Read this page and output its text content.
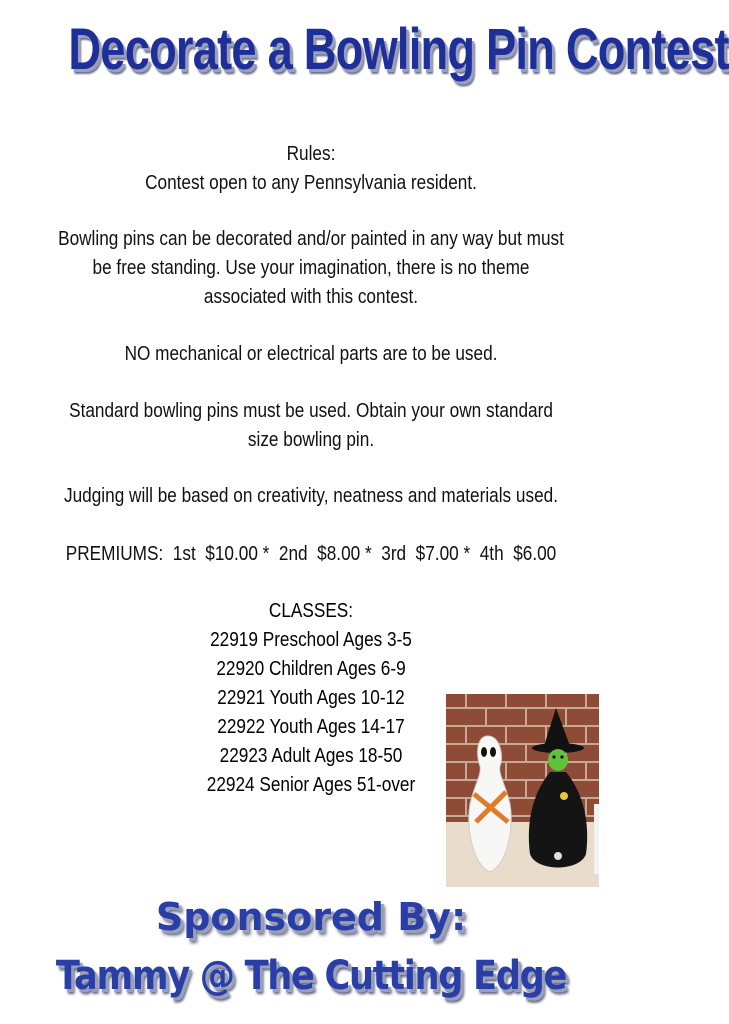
Decorate a Bowling Pin Contest

Rules:

Contest open to any Pennsylvania resident.

Bowling pins can be decorated and/or painted in any way but must be free standing. Use your imagination, there is no theme associated with this contest.

NO mechanical or electrical parts are to be used.

Standard bowling pins must be used. Obtain your own standard size bowling pin.

Judging will be based on creativity, neatness and materials used.

PREMIUMS:  1st  $10.00 *  2nd  $8.00 *  3rd  $7.00 *  4th  $6.00

CLASSES:

22919 Preschool Ages 3-5

22920 Children Ages 6-9

22921 Youth Ages 10-12

22922 Youth Ages 14-17

22923 Adult Ages 18-50

22924 Senior Ages 51-over

Sponsored By:
Tammy @ The Cutting Edge
